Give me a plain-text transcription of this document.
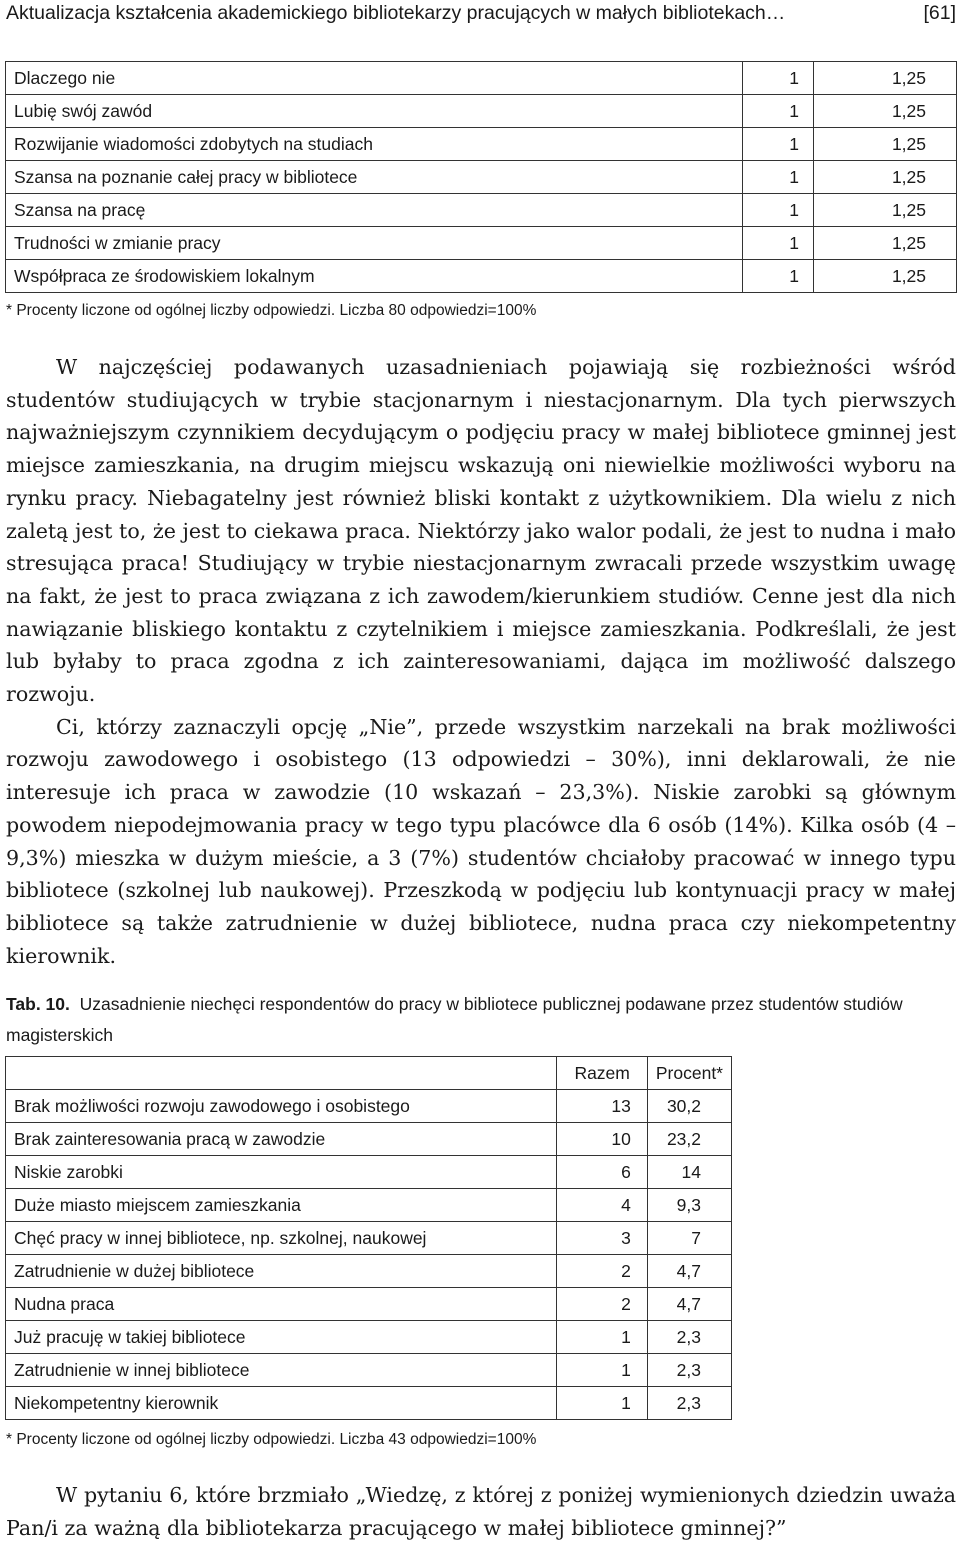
Aktualizacja kształcenia akademickiego bibliotekarzy pracujących w małych bibliotekach…	[61]
Dlaczego nie	1	1,25
Lubię swój zawód	1	1,25
Rozwijanie wiadomości zdobytych na studiach	1	1,25
Szansa na poznanie całej pracy w bibliotece	1	1,25
Szansa na pracę	1	1,25
Trudności w zmianie pracy	1	1,25
Współpraca ze środowiskiem lokalnym	1	1,25
* Procenty liczone od ogólnej liczby odpowiedzi. Liczba 80 odpowiedzi=100%

W najczęściej podawanych uzasadnieniach pojawiają się rozbieżności wśród studentów studiujących w trybie stacjonarnym i niestacjonarnym. Dla tych pierwszych najważniejszym czynnikiem decydującym o podjęciu pracy w małej bibliotece gminnej jest miejsce zamieszkania, na drugim miejscu wskazują oni niewielkie możliwości wyboru na rynku pracy. Niebagatelny jest również bliski kontakt z użytkownikiem. Dla wielu z nich zaletą jest to, że jest to ciekawa praca. Niektórzy jako walor podali, że jest to nudna i mało stresująca praca! Studiujący w trybie niestacjonarnym zwracali przede wszystkim uwagę na fakt, że jest to praca związana z ich zawodem/kierunkiem studiów. Cenne jest dla nich nawiązanie bliskiego kontaktu z czytelnikiem i miejsce zamieszkania. Podkreślali, że jest lub byłaby to praca zgodna z ich zainteresowaniami, dająca im możliwość dalszego rozwoju.

Ci, którzy zaznaczyli opcję „Nie”, przede wszystkim narzekali na brak możliwości rozwoju zawodowego i osobistego (13 odpowiedzi – 30%), inni deklarowali, że nie interesuje ich praca w zawodzie (10 wskazań – 23,3%). Niskie zarobki są głównym powodem niepodejmowania pracy w tego typu placówce dla 6 osób (14%). Kilka osób (4 – 9,3%) mieszka w dużym mieście, a 3 (7%) studentów chciałoby pracować w innego typu bibliotece (szkolnej lub naukowej). Przeszkodą w podjęciu lub kontynuacji pracy w małej bibliotece są także zatrudnienie w dużej bibliotece, nudna praca czy niekompetentny kierownik.

Tab. 10. Uzasadnienie niechęci respondentów do pracy w bibliotece publicznej podawane przez studentów studiów magisterskich
	Razem	Procent*
Brak możliwości rozwoju zawodowego i osobistego	13	30,2
Brak zainteresowania pracą w zawodzie	10	23,2
Niskie zarobki	6	14
Duże miasto miejscem zamieszkania	4	9,3
Chęć pracy w innej bibliotece, np. szkolnej, naukowej	3	7
Zatrudnienie w dużej bibliotece	2	4,7
Nudna praca	2	4,7
Już pracuję w takiej bibliotece	1	2,3
Zatrudnienie w innej bibliotece	1	2,3
Niekompetentny kierownik	1	2,3
* Procenty liczone od ogólnej liczby odpowiedzi. Liczba 43 odpowiedzi=100%

W pytaniu 6, które brzmiało „Wiedzę, z której z poniżej wymienionych dziedzin uważa Pan/i za ważną dla bibliotekarza pracującego w małej bibliotece gminnej?”
